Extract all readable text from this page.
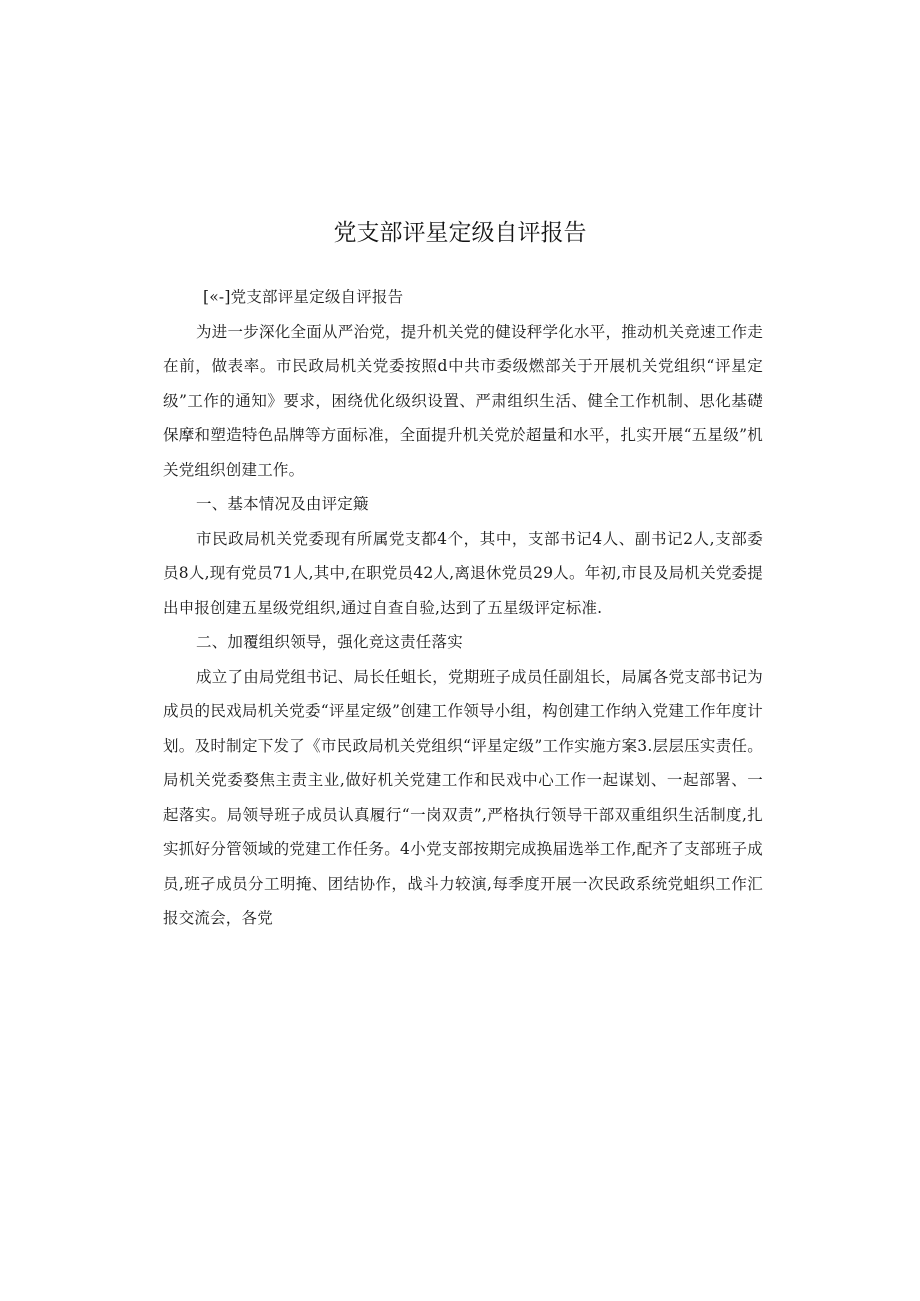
党支部评星定级自评报告

[«-]党支部评星定级自评报告

为进一步深化全面从严治党，提升机关党的健设秤学化水平，推动机关竞速工作走在前，做表率。市民政局机关党委按照d中共市委级燃部关于开展机关党组织“评星定级”工作的通知》要求，困绕优化级织设置、严肃组织生活、健全工作机制、思化基礎保摩和塑造特色品牌等方面标准，全面提升机关党於超量和水平，扎实开展“五星级”机关党组织创建工作。

一、基本情况及由评定簸

市民政局机关党委现有所属党支都4个，其中，支部书记4人、副书记2人,支部委员8人,现有党员71人,其中,在职党员42人,离退休党员29人。年初,市艮及局机关党委提出申报创建五星级党组织,通过自查自验,达到了五星级评定标准.

二、加覆组织领导，强化竞这责任落实

成立了由局党组书记、局长任蛆长，党期班子成员任副俎长，局属各党支部书记为成员的民戏局机关党委“评星定级”创建工作领导小组，构创建工作纳入党建工作年度计划。及时制定下发了《市民政局机关党组织“评星定级”工作实施方案3.层层压实责任。局机关党委婺焦主责主业,做好机关党建工作和民戏中心工作一起谋划、一起部署、一起落实。局领导班子成员认真履行“一岗双责”,严格执行领导干部双重组织生活制度,扎实抓好分管领域的党建工作任务。4小党支部按期完成换届选举工作,配齐了支部班子成员,班孑成员分工明掩、团结协作，战斗力较演,每季度开展一次民政系统党蛆织工作汇报交流会，各党
